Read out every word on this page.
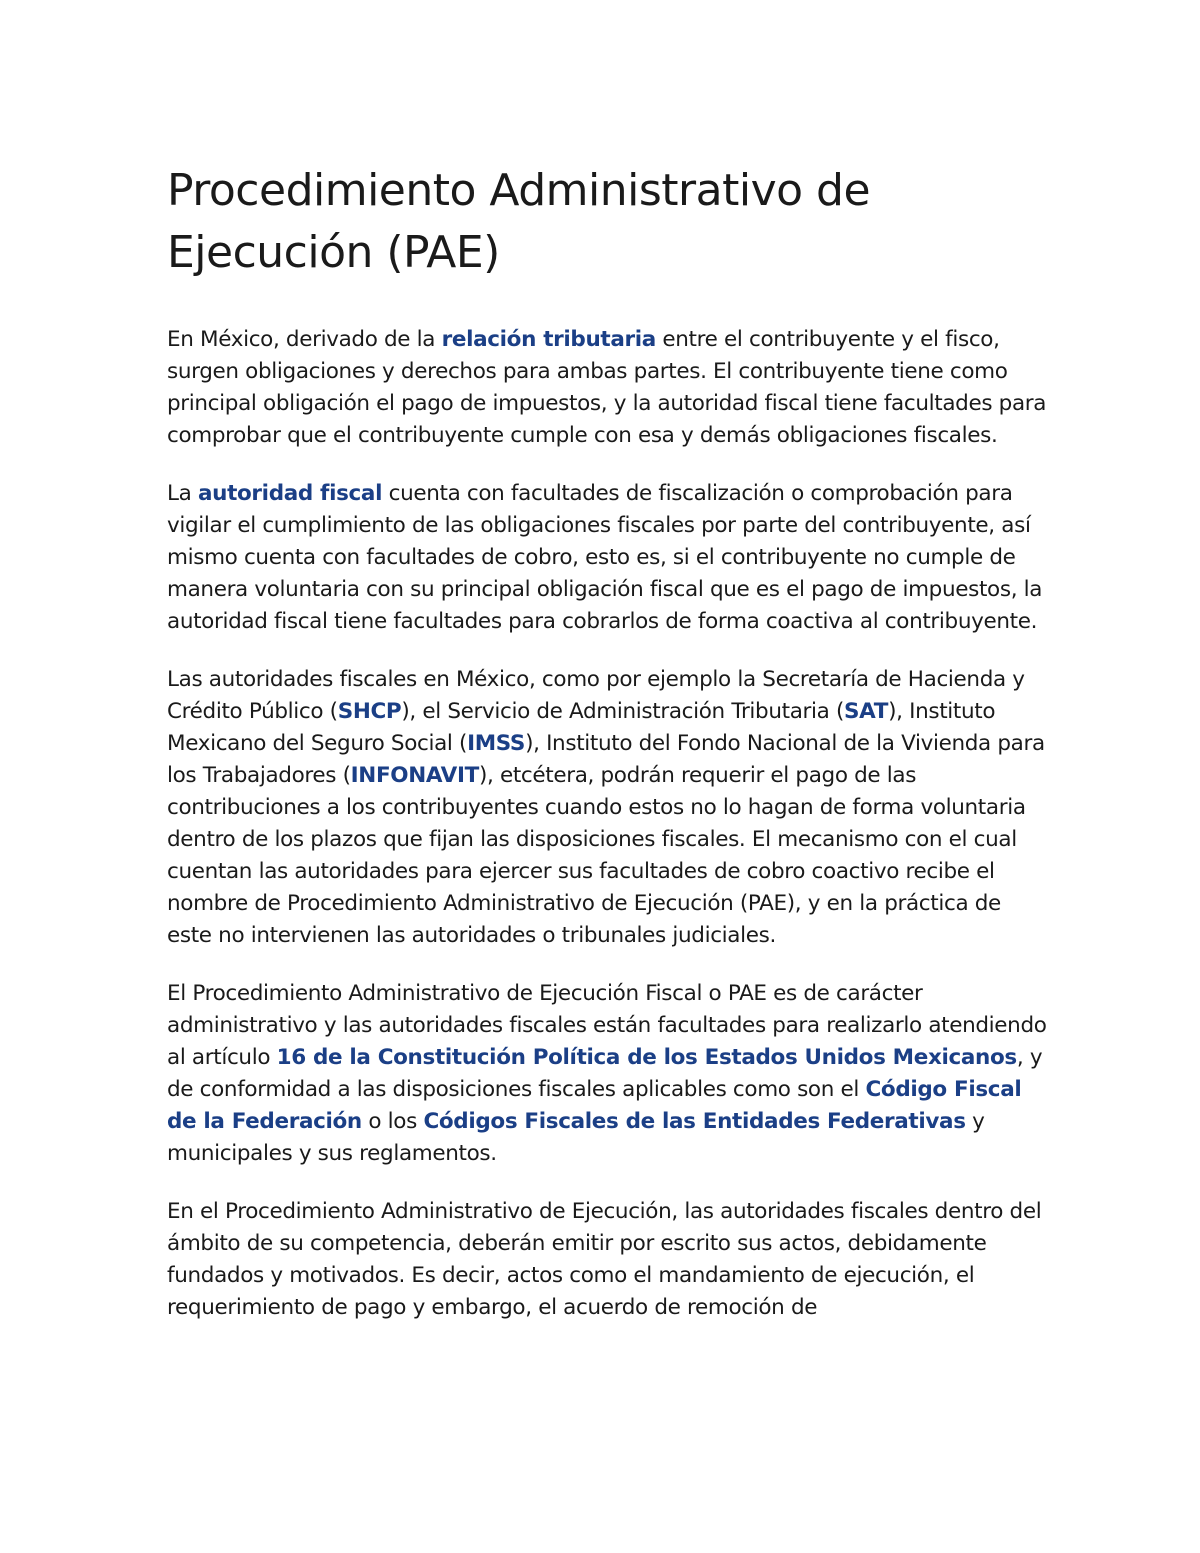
Procedimiento Administrativo de Ejecución (PAE)

En México, derivado de la relación tributaria entre el contribuyente y el fisco, surgen obligaciones y derechos para ambas partes. El contribuyente tiene como principal obligación el pago de impuestos, y la autoridad fiscal tiene facultades para comprobar que el contribuyente cumple con esa y demás obligaciones fiscales.

La autoridad fiscal cuenta con facultades de fiscalización o comprobación para vigilar el cumplimiento de las obligaciones fiscales por parte del contribuyente, así mismo cuenta con facultades de cobro, esto es, si el contribuyente no cumple de manera voluntaria con su principal obligación fiscal que es el pago de impuestos, la autoridad fiscal tiene facultades para cobrarlos de forma coactiva al contribuyente.

Las autoridades fiscales en México, como por ejemplo la Secretaría de Hacienda y Crédito Público (SHCP), el Servicio de Administración Tributaria (SAT), Instituto Mexicano del Seguro Social (IMSS), Instituto del Fondo Nacional de la Vivienda para los Trabajadores (INFONAVIT), etcétera, podrán requerir el pago de las contribuciones a los contribuyentes cuando estos no lo hagan de forma voluntaria dentro de los plazos que fijan las disposiciones fiscales. El mecanismo con el cual cuentan las autoridades para ejercer sus facultades de cobro coactivo recibe el nombre de Procedimiento Administrativo de Ejecución (PAE), y en la práctica de este no intervienen las autoridades o tribunales judiciales.

El Procedimiento Administrativo de Ejecución Fiscal o PAE es de carácter administrativo y las autoridades fiscales están facultades para realizarlo atendiendo al artículo 16 de la Constitución Política de los Estados Unidos Mexicanos, y de conformidad a las disposiciones fiscales aplicables como son el Código Fiscal de la Federación o los Códigos Fiscales de las Entidades Federativas y municipales y sus reglamentos.

En el Procedimiento Administrativo de Ejecución, las autoridades fiscales dentro del ámbito de su competencia, deberán emitir por escrito sus actos, debidamente fundados y motivados. Es decir, actos como el mandamiento de ejecución, el requerimiento de pago y embargo, el acuerdo de remoción de
